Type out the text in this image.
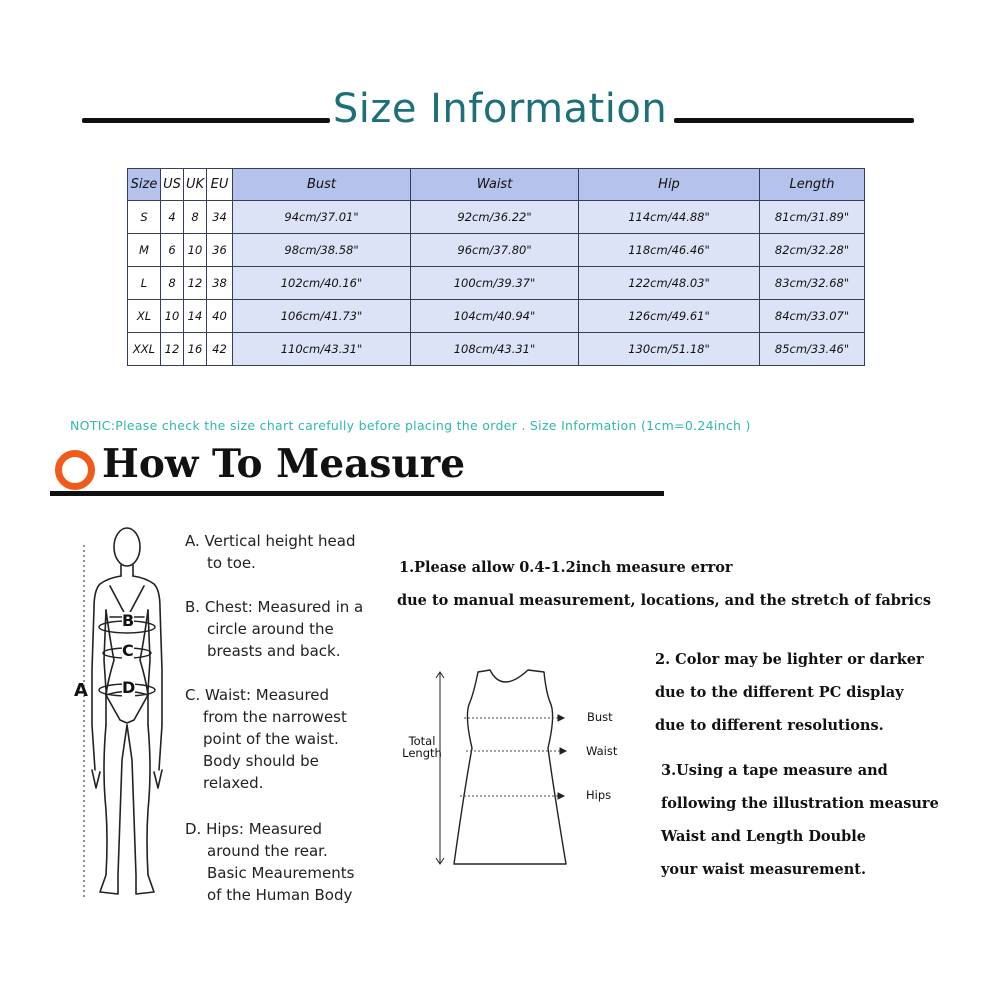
Size Information
Size	US	UK	EU	Bust	Waist	Hip	Length
S	4	8	34	94cm/37.01"	92cm/36.22"	114cm/44.88"	81cm/31.89"
M	6	10	36	98cm/38.58"	96cm/37.80"	118cm/46.46"	82cm/32.28"
L	8	12	38	102cm/40.16"	100cm/39.37"	122cm/48.03"	83cm/32.68"
XL	10	14	40	106cm/41.73"	104cm/40.94"	126cm/49.61"	84cm/33.07"
XXL	12	16	42	110cm/43.31"	108cm/43.31"	130cm/51.18"	85cm/33.46"
NOTIC:Please check the size chart carefully before placing the order . Size Information (1cm=0.24inch )
How To Measure
A
B
C
D
A. Vertical height head
to toe.
B. Chest: Measured in a
circle around the
breasts and back.
C. Waist: Measured
from the narrowest
point of the waist.
Body should be
relaxed.
D. Hips: Measured
around the rear.
Basic Meaurements
of the Human Body
Total
Length
Bust
Waist
Hips
1.Please allow 0.4-1.2inch measure error
due to manual measurement, locations, and the stretch of fabrics
2. Color may be lighter or darker
due to the different PC display
due to different resolutions.
3.Using a tape measure and
following the illustration measure
Waist and Length Double
your waist measurement.
